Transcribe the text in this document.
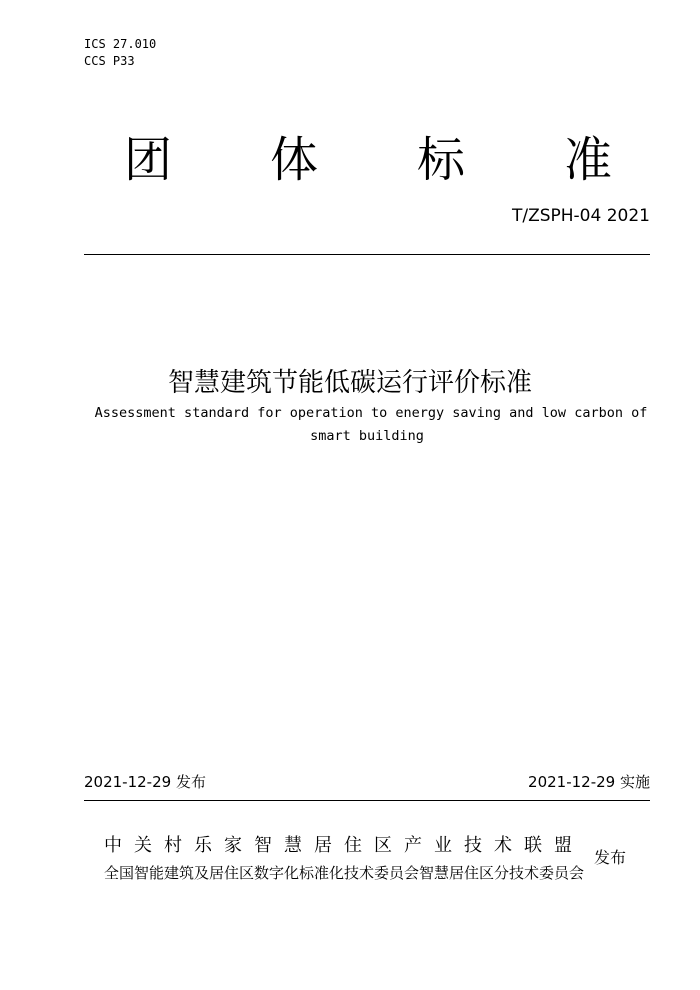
ICS 27.010
CCS P33
团 体 标 准
T/ZSPH-04 2021
智慧建筑节能低碳运行评价标准
Assessment standard for operation to energy saving and low carbon of
smart building
2021-12-29 发布	2021-12-29 实施
中关村乐家智慧居住区产业技术联盟
全国智能建筑及居住区数字化标准化技术委员会智慧居住区分技术委员会
发布
